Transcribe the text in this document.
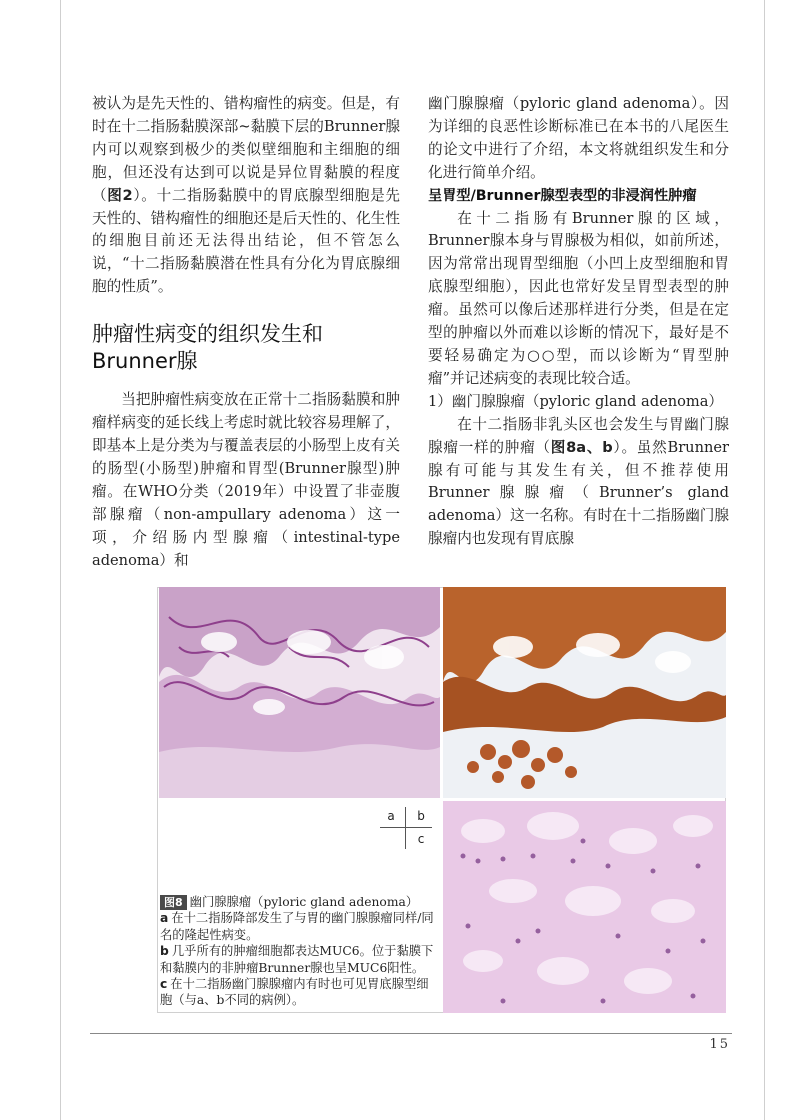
被认为是先天性的、错构瘤性的病变。但是，有时在十二指肠黏膜深部~黏膜下层的Brunner腺内可以观察到极少的类似壁细胞和主细胞的细胞，但还没有达到可以说是异位胃黏膜的程度（图2）。十二指肠黏膜中的胃底腺型细胞是先天性的、错构瘤性的细胞还是后天性的、化生性的细胞目前还无法得出结论，但不管怎么说，“十二指肠黏膜潜在性具有分化为胃底腺细胞的性质”。

肿瘤性病变的组织发生和
Brunner腺

当把肿瘤性病变放在正常十二指肠黏膜和肿瘤样病变的延长线上考虑时就比较容易理解了，即基本上是分类为与覆盖表层的小肠型上皮有关的肠型(小肠型)肿瘤和胃型(Brunner腺型)肿瘤。在WHO分类（2019年）中设置了非壶腹部腺瘤（non-ampullary adenoma）这一项，介绍肠内型腺瘤（intestinal-type adenoma）和

幽门腺腺瘤（pyloric gland adenoma）。因为详细的良恶性诊断标准已在本书的八尾医生的论文中进行了介绍，本文将就组织发生和分化进行简单介绍。

呈胃型/Brunner腺型表型的非浸润性肿瘤

在十二指肠有Brunner腺的区域，Brunner腺本身与胃腺极为相似，如前所述，因为常常出现胃型细胞（小凹上皮型细胞和胃底腺型细胞），因此也常好发呈胃型表型的肿瘤。虽然可以像后述那样进行分类，但是在定型的肿瘤以外而难以诊断的情况下，最好是不要轻易确定为○○型，而以诊断为“胃型肿瘤”并记述病变的表现比较合适。

1）幽门腺腺瘤（pyloric gland adenoma）

在十二指肠非乳头区也会发生与胃幽门腺腺瘤一样的肿瘤（图8a、b）。虽然Brunner腺有可能与其发生有关，但不推荐使用Brunner腺腺瘤（Brunner’s gland adenoma）这一名称。有时在十二指肠幽门腺腺瘤内也发现有胃底腺

a	b
c

图8 幽门腺腺瘤（pyloric gland adenoma）

a 在十二指肠降部发生了与胃的幽门腺腺瘤同样/同名的隆起性病变。

b 几乎所有的肿瘤细胞都表达MUC6。位于黏膜下和黏膜内的非肿瘤Brunner腺也呈MUC6阳性。

c 在十二指肠幽门腺腺瘤内有时也可见胃底腺型细胞（与a、b不同的病例）。

15
